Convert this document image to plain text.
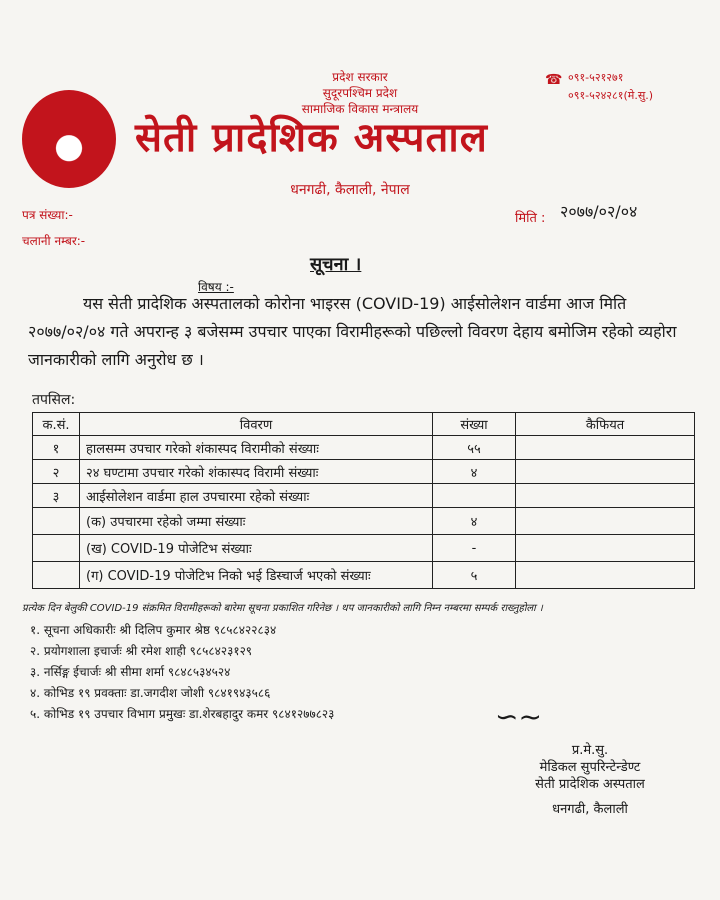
प्रदेश सरकार
सुदूरपश्चिम प्रदेश
सामाजिक विकास मन्त्रालय
सेती प्रादेशिक अस्पताल
धनगढी, कैलाली, नेपाल
☎ ०९१-५२१२७१
०९१-५२४२८१(मे.सु.)
पत्र संख्या:-
चलानी नम्बर:-
मिति : २०७७/०२/०४
सूचना ।
विषय :-
यस सेती प्रादेशिक अस्पतालको कोरोना भाइरस (COVID-19) आईसोलेशन वार्डमा आज मिति २०७७/०२/०४ गते अपरान्ह ३ बजेसम्म उपचार पाएका विरामीहरूको पछिल्लो विवरण देहाय बमोजिम रहेको व्यहोरा जानकारीको लागि अनुरोध छ ।
तपसिल:
क.सं.	विवरण	संख्या	कैफियत
१	हालसम्म उपचार गरेको शंकास्पद विरामीको संख्याः	५५	
२	२४ घण्टामा उपचार गरेको शंकास्पद विरामी संख्याः	४	
३	आईसोलेशन वार्डमा हाल उपचारमा रहेको संख्याः		
	(क) उपचारमा रहेको जम्मा संख्याः	४	
	(ख) COVID-19 पोजेटिभ संख्याः	-	
	(ग) COVID-19 पोजेटिभ निको भई डिस्चार्ज भएको संख्याः	५	
प्रत्येक दिन बेलुकी COVID-19 संक्रमित विरामीहरूको बारेमा सूचना प्रकाशित गरिनेछ । थप जानकारीको लागि निम्न नम्बरमा सम्पर्क राख्नुहोला ।
१. सूचना अधिकारीः श्री दिलिप कुमार श्रेष्ठ ९८५८४२२८३४
२. प्रयोगशाला इचार्जः श्री रमेश शाही ९८५८४२३१२९
३. नर्सिङ्ग ईचार्जः श्री सीमा शर्मा ९८४८५३४५२४
४. कोभिड १९ प्रवक्ताः डा.जगदीश जोशी ९८४१९४३५८६
५. कोभिड १९ उपचार विभाग प्रमुखः डा.शेरबहादुर कमर ९८४१२७७८२३	∽~
प्र.मे.सु.
मेडिकल सुपरिन्टेन्डेण्ट
सेती प्रादेशिक अस्पताल
धनगढी, कैलाली
